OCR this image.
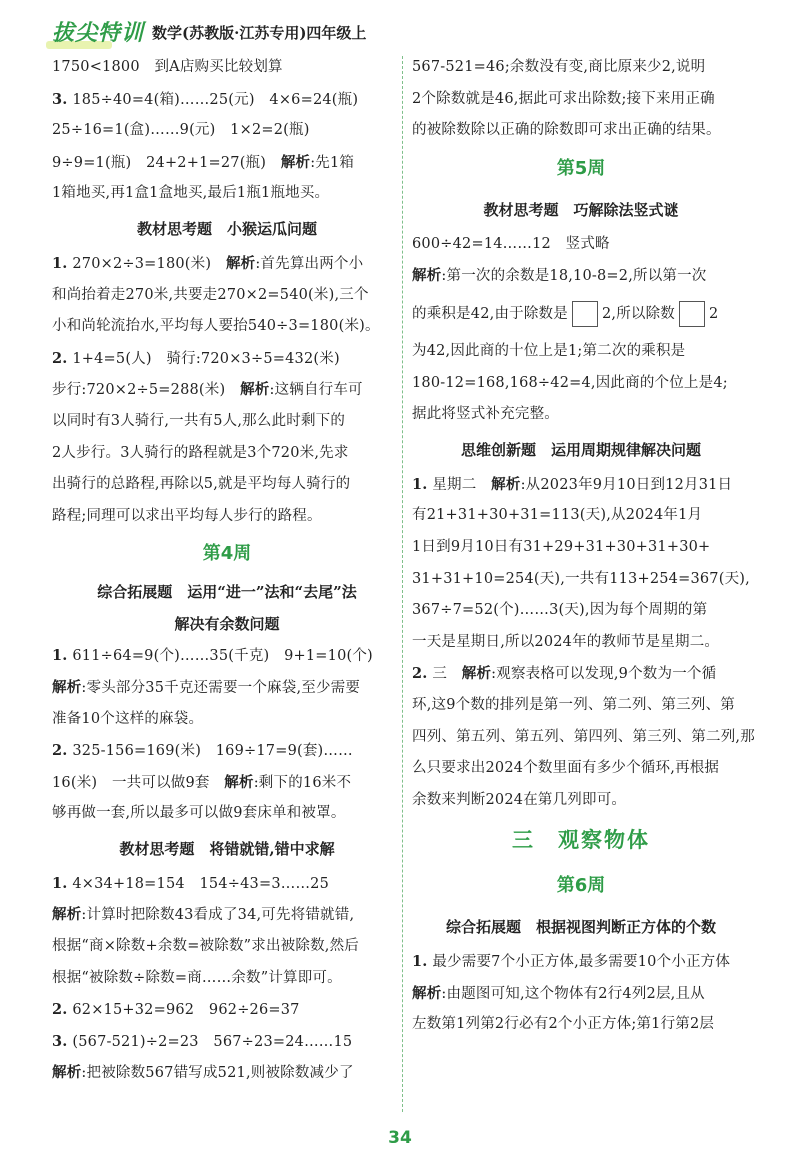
拔尖特训 数学(苏教版·江苏专用)四年级上
1750<1800　到A店购买比较划算
3. 185÷40=4(箱)……25(元)　4×6=24(瓶)
25÷16=1(盒)……9(元)　1×2=2(瓶)
9÷9=1(瓶)　24+2+1=27(瓶)　解析:先1箱
1箱地买,再1盒1盒地买,最后1瓶1瓶地买。
教材思考题　小猴运瓜问题
1. 270×2÷3=180(米)　解析:首先算出两个小
和尚抬着走270米,共要走270×2=540(米),三个
小和尚轮流抬水,平均每人要抬540÷3=180(米)。
2. 1+4=5(人)　骑行:720×3÷5=432(米)
步行:720×2÷5=288(米)　解析:这辆自行车可
以同时有3人骑行,一共有5人,那么此时剩下的
2人步行。3人骑行的路程就是3个720米,先求
出骑行的总路程,再除以5,就是平均每人骑行的
路程;同理可以求出平均每人步行的路程。
第4周
综合拓展题　运用“进一”法和“去尾”法
解决有余数问题
1. 611÷64=9(个)……35(千克)　9+1=10(个)
解析:零头部分35千克还需要一个麻袋,至少需要
准备10个这样的麻袋。
2. 325-156=169(米)　169÷17=9(套)……
16(米)　一共可以做9套　解析:剩下的16米不
够再做一套,所以最多可以做9套床单和被罩。
教材思考题　将错就错,错中求解
1. 4×34+18=154　154÷43=3……25
解析:计算时把除数43看成了34,可先将错就错,
根据“商×除数+余数=被除数”求出被除数,然后
根据“被除数÷除数=商……余数”计算即可。
2. 62×15+32=962　962÷26=37
3. (567-521)÷2=23　567÷23=24……15
解析:把被除数567错写成521,则被除数减少了
567-521=46;余数没有变,商比原来少2,说明
2个除数就是46,据此可求出除数;接下来用正确
的被除数除以正确的除数即可求出正确的结果。
第5周
教材思考题　巧解除法竖式谜
600÷42=14……12　竖式略
解析:第一次的余数是18,10-8=2,所以第一次
的乘积是42,由于除数是 2,所以除数 2
为42,因此商的十位上是1;第二次的乘积是
180-12=168,168÷42=4,因此商的个位上是4;
据此将竖式补充完整。
思维创新题　运用周期规律解决问题
1. 星期二　解析:从2023年9月10日到12月31日
有21+31+30+31=113(天),从2024年1月
1日到9月10日有31+29+31+30+31+30+
31+31+10=254(天),一共有113+254=367(天),
367÷7=52(个)……3(天),因为每个周期的第
一天是星期日,所以2024年的教师节是星期二。
2. 三　解析:观察表格可以发现,9个数为一个循
环,这9个数的排列是第一列、第二列、第三列、第
四列、第五列、第五列、第四列、第三列、第二列,那
么只要求出2024个数里面有多少个循环,再根据
余数来判断2024在第几列即可。
三　观察物体
第6周
综合拓展题　根据视图判断正方体的个数
1. 最少需要7个小正方体,最多需要10个小正方体
解析:由题图可知,这个物体有2行4列2层,且从
左数第1列第2行必有2个小正方体;第1行第2层
34
